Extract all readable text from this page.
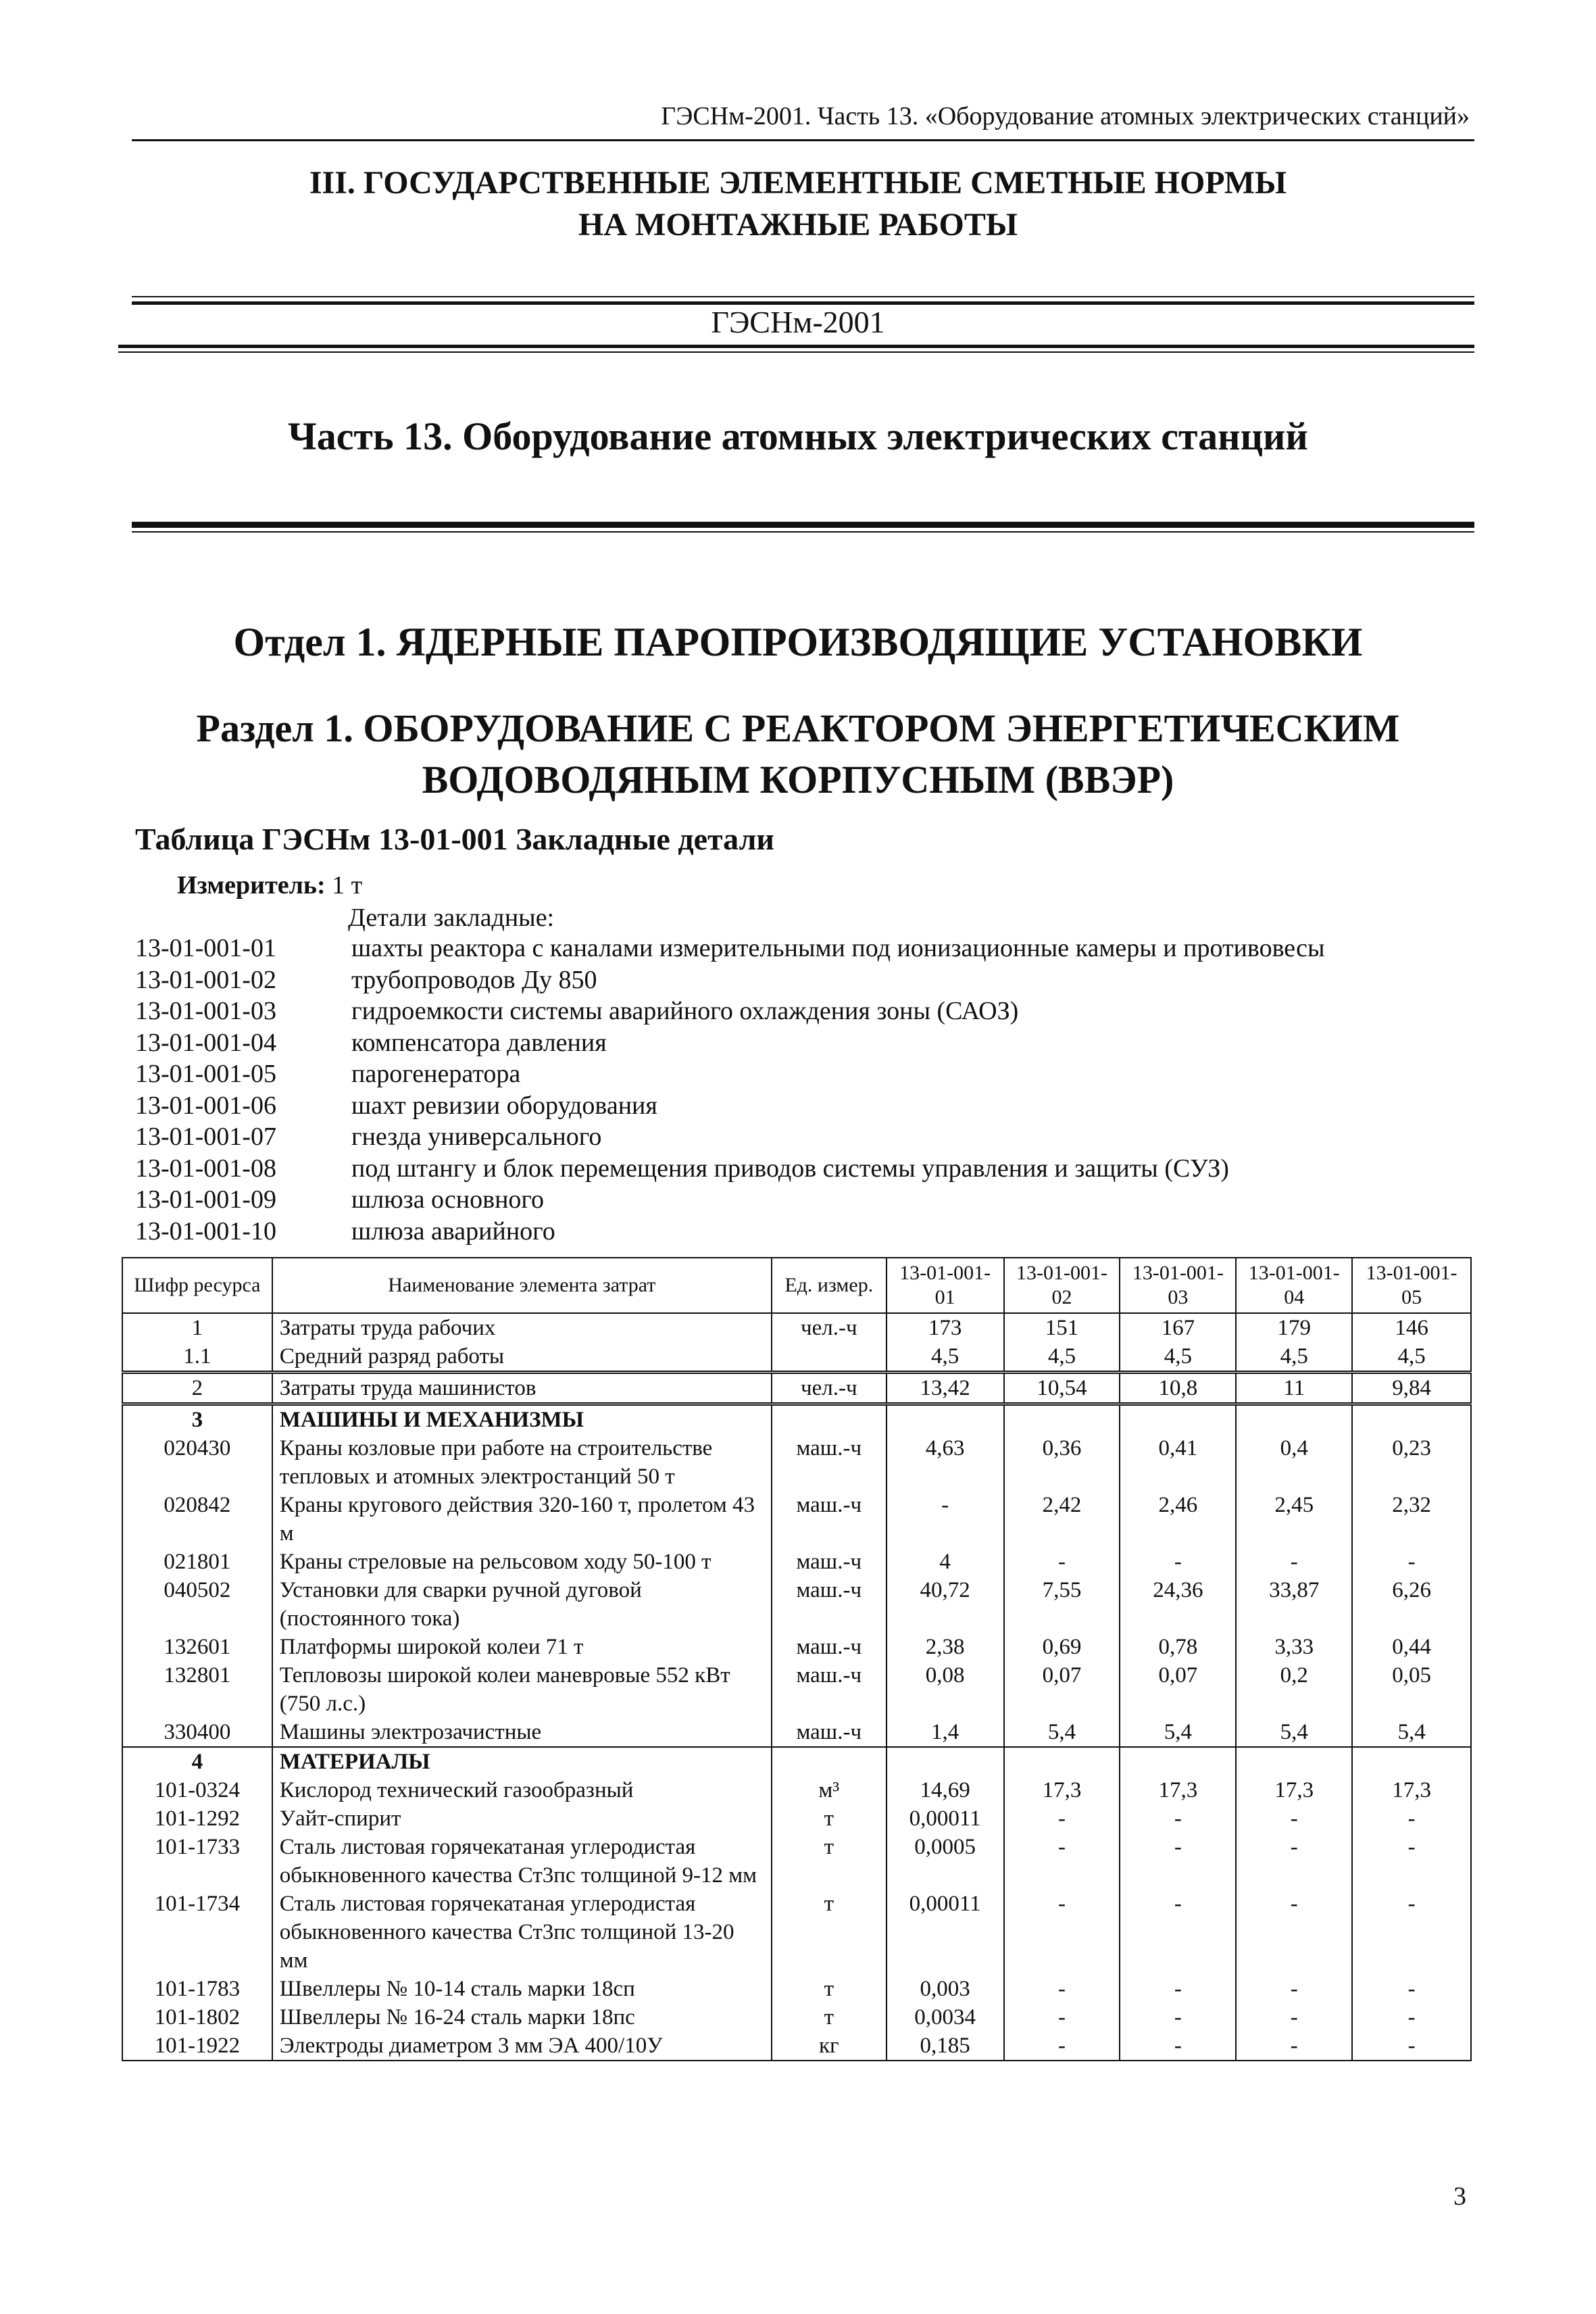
ГЭСНм-2001. Часть 13. «Оборудование атомных электрических станций»
III. ГОСУДАРСТВЕННЫЕ ЭЛЕМЕНТНЫЕ СМЕТНЫЕ НОРМЫ
НА МОНТАЖНЫЕ РАБОТЫ
ГЭСНм-2001
Часть 13. Оборудование атомных электрических станций
Отдел 1. ЯДЕРНЫЕ ПАРОПРОИЗВОДЯЩИЕ УСТАНОВКИ
Раздел 1. ОБОРУДОВАНИЕ С РЕАКТОРОМ ЭНЕРГЕТИЧЕСКИМ
ВОДОВОДЯНЫМ КОРПУСНЫМ (ВВЭР)
Таблица ГЭСНм 13-01-001 Закладные детали
Измеритель: 1 т
Детали закладные:
13-01-001-01	шахты реактора с каналами измерительными под ионизационные камеры и противовесы
13-01-001-02	трубопроводов Ду 850
13-01-001-03	гидроемкости системы аварийного охлаждения зоны (САОЗ)
13-01-001-04	компенсатора давления
13-01-001-05	парогенератора
13-01-001-06	шахт ревизии оборудования
13-01-001-07	гнезда универсального
13-01-001-08	под штангу и блок перемещения приводов системы управления и защиты (СУЗ)
13-01-001-09	шлюза основного
13-01-001-10	шлюза аварийного
Шифр ресурса	Наименование элемента затрат	Ед. измер.	13-01-001-01	13-01-001-02	13-01-001-03	13-01-001-04	13-01-001-05
1	Затраты труда рабочих	чел.-ч	173	151	167	179	146
1.1	Средний разряд работы		4,5	4,5	4,5	4,5	4,5
2	Затраты труда машинистов	чел.-ч	13,42	10,54	10,8	11	9,84
3	МАШИНЫ И МЕХАНИЗМЫ						
020430	Краны козловые при работе на строительстве тепловых и атомных электростанций 50 т	маш.-ч	4,63	0,36	0,41	0,4	0,23
020842	Краны кругового действия 320-160 т, пролетом 43 м	маш.-ч	-	2,42	2,46	2,45	2,32
021801	Краны стреловые на рельсовом ходу 50-100 т	маш.-ч	4	-	-	-	-
040502	Установки для сварки ручной дуговой (постоянного тока)	маш.-ч	40,72	7,55	24,36	33,87	6,26
132601	Платформы широкой колеи 71 т	маш.-ч	2,38	0,69	0,78	3,33	0,44
132801	Тепловозы широкой колеи маневровые 552 кВт (750 л.с.)	маш.-ч	0,08	0,07	0,07	0,2	0,05
330400	Машины электрозачистные	маш.-ч	1,4	5,4	5,4	5,4	5,4
4	МАТЕРИАЛЫ						
101-0324	Кислород технический газообразный	м³	14,69	17,3	17,3	17,3	17,3
101-1292	Уайт-спирит	т	0,00011	-	-	-	-
101-1733	Сталь листовая горячекатаная углеродистая обыкновенного качества Ст3пс толщиной 9-12 мм	т	0,0005	-	-	-	-
101-1734	Сталь листовая горячекатаная углеродистая обыкновенного качества Ст3пс толщиной 13-20 мм	т	0,00011	-	-	-	-
101-1783	Швеллеры № 10-14 сталь марки 18сп	т	0,003	-	-	-	-
101-1802	Швеллеры № 16-24 сталь марки 18пс	т	0,0034	-	-	-	-
101-1922	Электроды диаметром 3 мм ЭА 400/10У	кг	0,185	-	-	-	-
3
